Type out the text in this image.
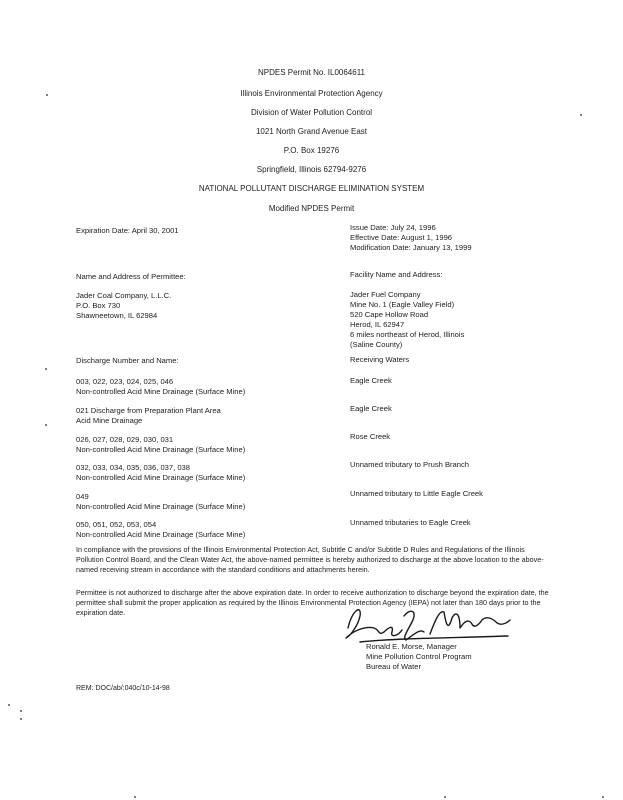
NPDES Permit No. IL0064611
Illinois Environmental Protection Agency
Division of Water Pollution Control
1021 North Grand Avenue East
P.O. Box 19276
Springfield, Illinois 62794-9276
NATIONAL POLLUTANT DISCHARGE ELIMINATION SYSTEM
Modified NPDES Permit
Expiration Date: April 30, 2001	Issue Date: July 24, 1996
Effective Date: August 1, 1996
Modification Date: January 13, 1999
Name and Address of Permittee:
Jader Coal Company, L.L.C.
P.O. Box 730
Shawneetown, IL 62984
Facility Name and Address:
Jader Fuel Company
Mine No. 1 (Eagle Valley Field)
520 Cape Hollow Road
Herod, IL 62947
6 miles northeast of Herod, Illinois
(Saline County)
Discharge Number and Name:	Receiving Waters
003, 022, 023, 024, 025, 046
Non-controlled Acid Mine Drainage (Surface Mine)
Eagle Creek
021 Discharge from Preparation Plant Area
Acid Mine Drainage
Eagle Creek
026, 027, 028, 029, 030, 031
Non-controlled Acid Mine Drainage (Surface Mine)
Rose Creek
032, 033, 034, 035, 036, 037, 038
Non-controlled Acid Mine Drainage (Surface Mine)
Unnamed tributary to Prush Branch
049
Non-controlled Acid Mine Drainage (Surface Mine)
Unnamed tributary to Little Eagle Creek
050, 051, 052, 053, 054
Non-controlled Acid Mine Drainage (Surface Mine)
Unnamed tributaries to Eagle Creek
In compliance with the provisions of the Illinois Environmental Protection Act, Subtitle C and/or Subtitle D Rules and Regulations of the Illinois Pollution Control Board, and the Clean Water Act, the above-named permittee is hereby authorized to discharge at the above location to the above-named receiving stream in accordance with the standard conditions and attachments herein.
Permittee is not authorized to discharge after the above expiration date. In order to receive authorization to discharge beyond the expiration date, the permittee shall submit the proper application as required by the Illinois Environmental Protection Agency (IEPA) not later than 180 days prior to the expiration date.
Ronald E. Morse, Manager
Mine Pollution Control Program
Bureau of Water
REM: DOC/ab/:040c/10-14-98
